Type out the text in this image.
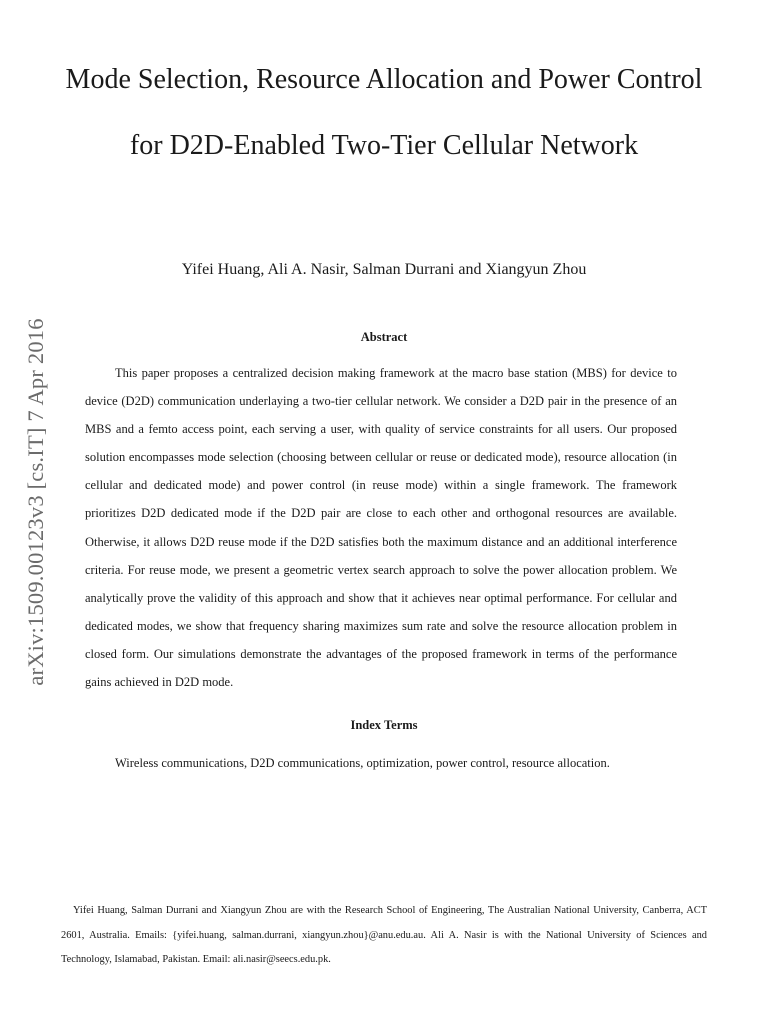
arXiv:1509.00123v3 [cs.IT] 7 Apr 2016
Mode Selection, Resource Allocation and Power Control for D2D-Enabled Two-Tier Cellular Network
Yifei Huang, Ali A. Nasir, Salman Durrani and Xiangyun Zhou
Abstract

This paper proposes a centralized decision making framework at the macro base station (MBS) for device to device (D2D) communication underlaying a two-tier cellular network. We consider a D2D pair in the presence of an MBS and a femto access point, each serving a user, with quality of service constraints for all users. Our proposed solution encompasses mode selection (choosing between cellular or reuse or dedicated mode), resource allocation (in cellular and dedicated mode) and power control (in reuse mode) within a single framework. The framework prioritizes D2D dedicated mode if the D2D pair are close to each other and orthogonal resources are available. Otherwise, it allows D2D reuse mode if the D2D satisfies both the maximum distance and an additional interference criteria. For reuse mode, we present a geometric vertex search approach to solve the power allocation problem. We analytically prove the validity of this approach and show that it achieves near optimal performance. For cellular and dedicated modes, we show that frequency sharing maximizes sum rate and solve the resource allocation problem in closed form. Our simulations demonstrate the advantages of the proposed framework in terms of the performance gains achieved in D2D mode.

Index Terms

Wireless communications, D2D communications, optimization, power control, resource allocation.

Yifei Huang, Salman Durrani and Xiangyun Zhou are with the Research School of Engineering, The Australian National University, Canberra, ACT 2601, Australia. Emails: {yifei.huang, salman.durrani, xiangyun.zhou}@anu.edu.au. Ali A. Nasir is with the National University of Sciences and Technology, Islamabad, Pakistan. Email: ali.nasir@seecs.edu.pk.
